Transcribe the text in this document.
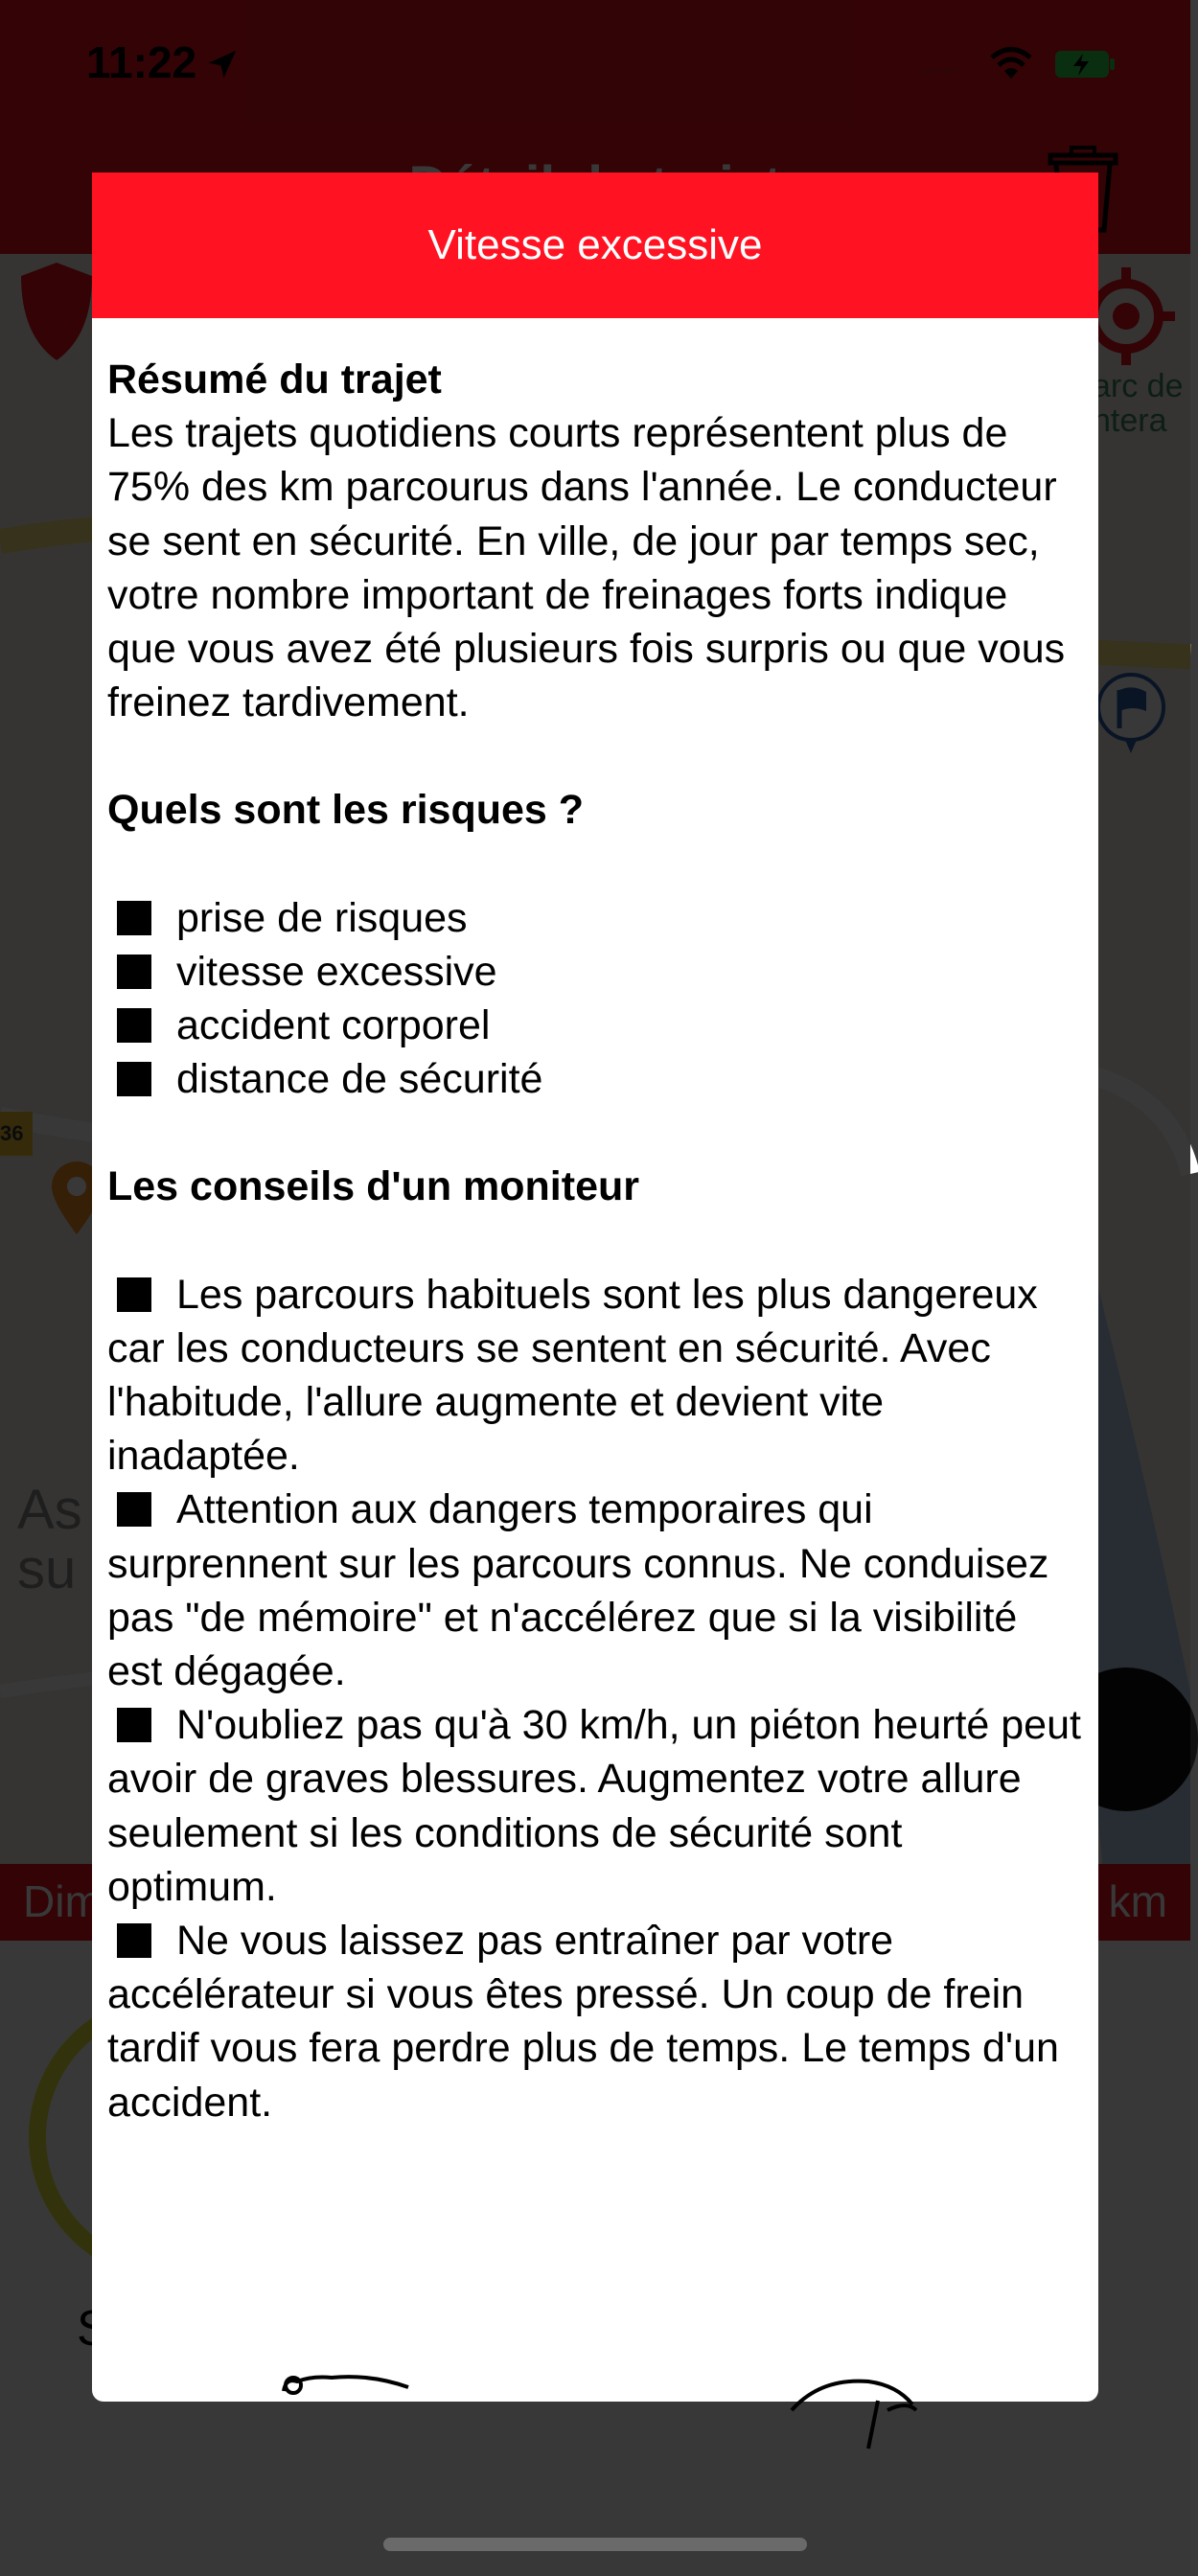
Vitesse excessive

Résumé du trajet

Les trajets quotidiens courts représentent plus de 75% des km parcourus dans l'année. Le conducteur se sent en sécurité. En ville, de jour par temps sec, votre nombre important de freinages forts indique que vous avez été plusieurs fois surpris ou que vous freinez tardivement.

Quels sont les risques ?

prise de risques

vitesse excessive

accident corporel

distance de sécurité

Les conseils d'un moniteur

Les parcours habituels sont les plus dangereux car les conducteurs se sentent en sécurité. Avec l'habitude, l'allure augmente et devient vite inadaptée.

Attention aux dangers temporaires qui surprennent sur les parcours connus. Ne conduisez pas "de mémoire" et n'accélérez que si la visibilité est dégagée.

N'oubliez pas qu'à 30 km/h, un piéton heurté peut avoir de graves blessures. Augmentez votre allure seulement si les conditions de sécurité sont optimum.

Ne vous laissez pas entraîner par votre accélérateur si vous êtes pressé. Un coup de frein tardif vous fera perdre plus de temps. Le temps d'un accident.
